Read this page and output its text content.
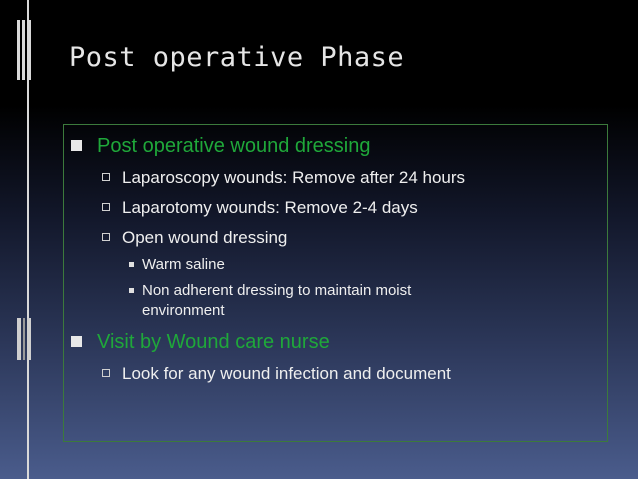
Post operative Phase
Post operative wound dressing
Laparoscopy wounds: Remove after 24 hours
Laparotomy wounds: Remove 2-4 days
Open wound dressing
Warm saline
Non adherent dressing to maintain moist
environment
Visit by Wound care nurse
Look for any wound infection and document
